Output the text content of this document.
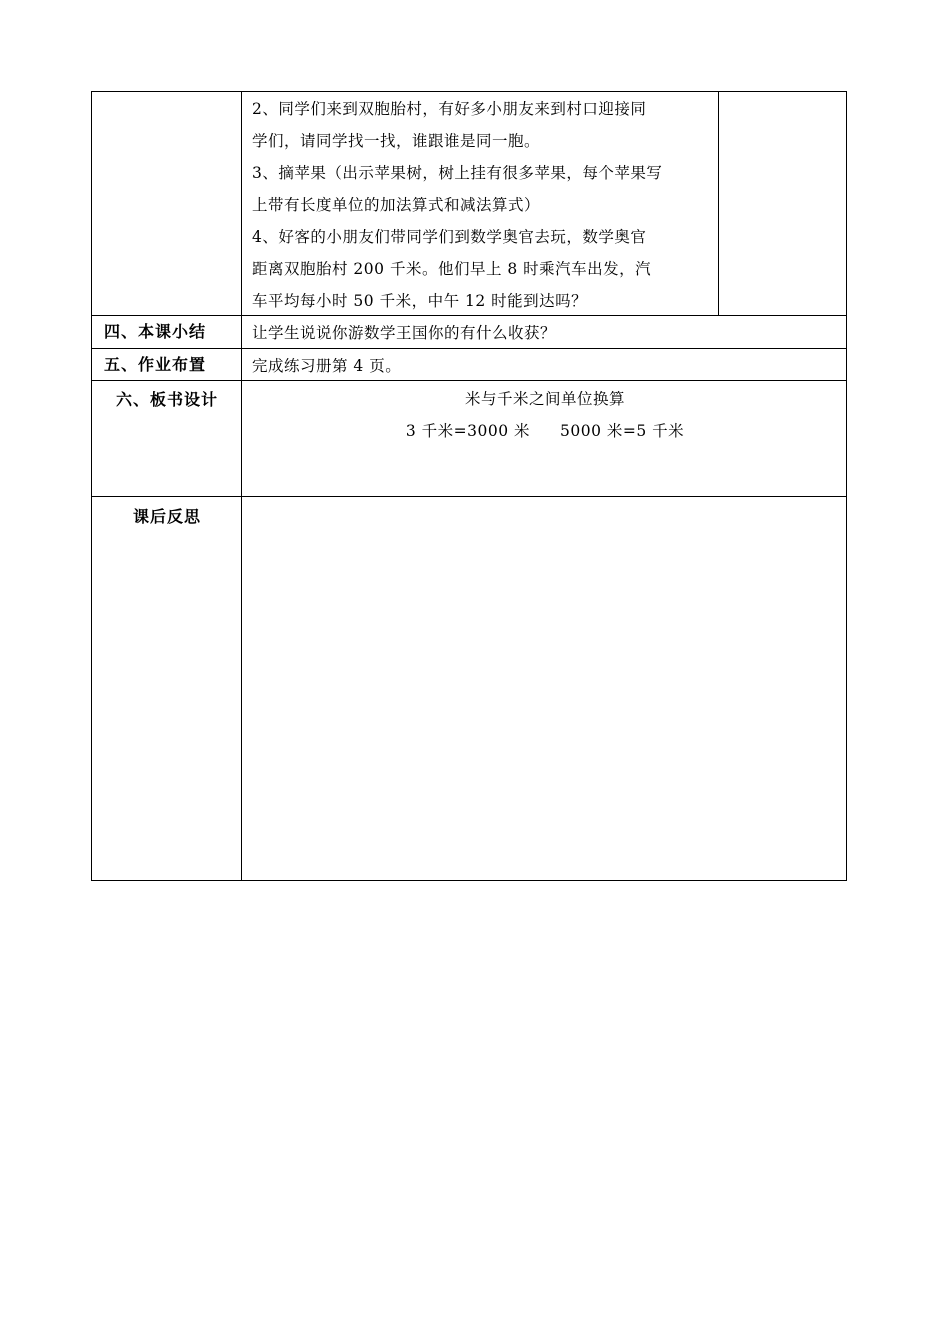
2、同学们来到双胞胎村，有好多小朋友来到村口迎接同
学们，请同学找一找，谁跟谁是同一胞。
3、摘苹果（出示苹果树，树上挂有很多苹果，每个苹果写
上带有长度单位的加法算式和减法算式）
4、好客的小朋友们带同学们到数学奥官去玩，数学奥官
距离双胞胎村 200 千米。他们早上 8 时乘汽车出发，汽
车平均每小时 50 千米，中午 12 时能到达吗？
四、本课小结	让学生说说你游数学王国你的有什么收获？
五、作业布置	完成练习册第 4 页。
六、板书设计	米与千米之间单位换算
3 千米=3000 米 5000 米=5 千米
课后反思
